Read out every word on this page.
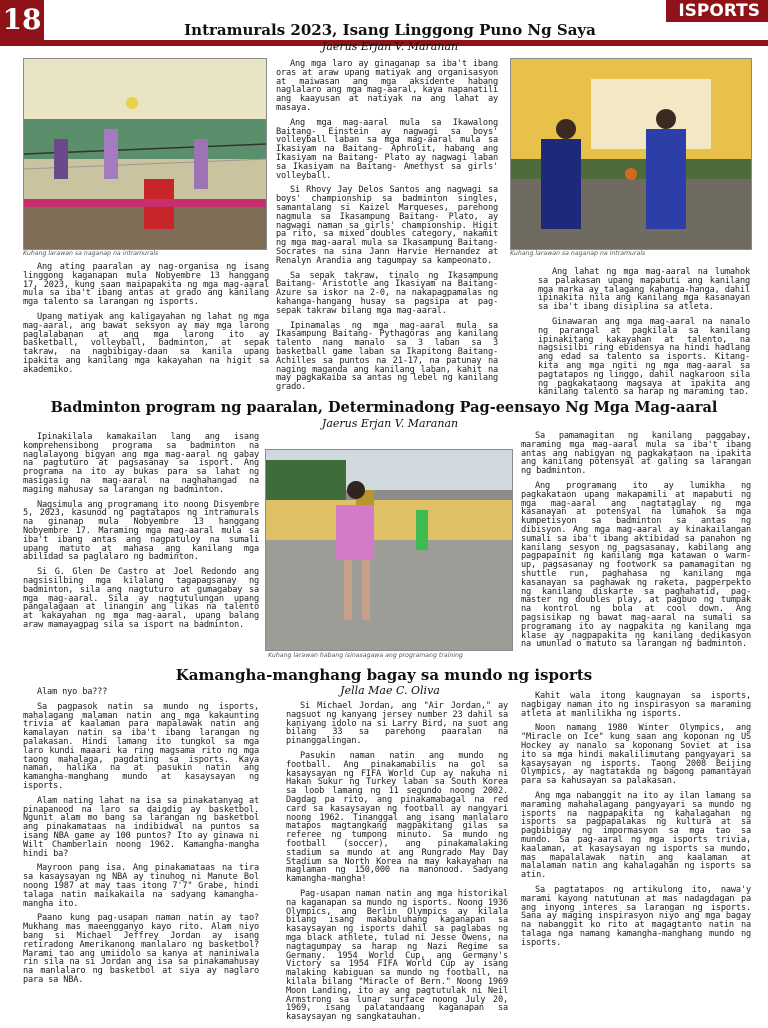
18	ISPORTS
Intramurals 2023, Isang Linggong Puno Ng Saya
Jaerus Erjan V. Maranan
Kuhang larawan sa naganap na intramurals	Kuhang larawan sa naganap na intramurals

Ang ating paaralan ay nag-organisa ng isang linggong kaganapan mula Nobyembre 13 hanggang 17, 2023, kung saan maipapakita ng mga mag-aaral mula sa iba't ibang antas at grado ang kanilang mga talento sa larangan ng isports.

Upang matiyak ang kaligayahan ng lahat ng mga mag-aaral, ang bawat seksyon ay may mga larong paglalabanan at ang mga larong ito ay basketball, volleyball, badminton, at sepak takraw, na nagbibigay-daan sa kanila upang ipakita ang kanilang mga kakayahan na higit sa akademiko.

Ang mga laro ay ginaganap sa iba't ibang oras at araw upang matiyak ang organisasyon at maiwasan ang mga aksidente habang naglalaro ang mga mag-aaral, kaya napanatili ang kaayusan at natiyak na ang lahat ay masaya.

Ang mga mag-aaral mula sa Ikawalong Baitang- Einstein ay nagwagi sa boys' volleyball laban sa mga mag-aaral mula sa Ikasiyam na Baitang- Aphrolit, habang ang Ikasiyam na Baitang- Plato ay nagwagi laban sa Ikasiyam na Baitang- Amethyst sa girls' volleyball.

Si Rhovy Jay Delos Santos ang nagwagi sa boys' championship sa badminton singles, samantalang si Kaizel Marqueses, parehong nagmula sa Ikasampung Baitang- Plato, ay nagwagi naman sa girls' championship. Higit pa rito, sa mixed doubles category, nakamit ng mga mag-aaral mula sa Ikasampung Baitang- Socrates na sina Jann Harvie Hernandez at Renalyn Arandia ang tagumpay sa kampeonato.

Sa sepak takraw, tinalo ng Ikasampung Baitang- Aristotle ang Ikasiyam na Baitang-Azure sa iskor na 2-0, na nakapagpamalas ng kahanga-hangang husay sa pagsipa at pag-sepak takraw bilang mga mag-aaral.

Ipinamalas ng mga mag-aaral mula sa Ikasampung Baitang- Pythagoras ang kanilang talento nang manalo sa 3 laban sa 3 basketball game laban sa Ikapitong Baitang- Achilles sa puntos na 21-17, na patunay na naging maganda ang kanilang laban, kahit na may pagkakaiba sa antas ng lebel ng kanilang grado.

Ang lahat ng mga mag-aaral na lumahok sa palakasan upang mapabuti ang kanilang mga marka ay talagang kahanga-hanga, dahil ipinakita nila ang kanilang mga kasanayan sa iba't ibang disiplina sa atleta.

Ginawaran ang mga mag-aaral na nanalo ng parangal at pagkilala sa kanilang ipinakitang kakayahan at talento, na nagsisilbi ring ebidensya na hindi hadlang ang edad sa talento sa isports. Kitang-kita ang mga ngiti ng mga mag-aaral sa pagtatapos ng linggo, dahil nagkaroon sila ng pagkakataong magsaya at ipakita ang kanilang talento sa harap ng maraming tao.

Badminton program ng paaralan, Determinadong Pag-eensayo Ng Mga Mag-aaral
Jaerus Erjan V. Maranan

Ipinakilala kamakailan lang ang isang komprehensibong programa sa badminton na naglalayong bigyan ang mga mag-aaral ng gabay na pagtuturo at pagsasanay sa isport. Ang programa na ito ay bukas para sa lahat ng masigasig na mag-aaral na naghahangad na maging mahusay sa larangan ng badminton.

Nagsimula ang programang ito noong Disyembre 5, 2023, kasunod ng pagtatapos ng intramurals na ginanap mula Nobyembre 13 hanggang Nobyembre 17. Maraming mga mag-aaral mula sa iba't ibang antas ang nagpatuloy na sumali upang matuto at mahasa ang kanilang mga abilidad sa paglalaro ng badminton.

Si G. Glen De Castro at Joel Redondo ang nagsisilbing mga kilalang tagapagsanay ng badminton, sila ang nagtuturo at gumagabay sa mga mag-aaral. Sila ay nagtutulungan upang pangalagaan at linangin ang likas na talento at kakayahan ng mga mag-aaral, upang balang araw mamayagpag sila sa isport na badminton.

Kuhang larawan habang isinasagawa ang programang training

Sa pamamagitan ng kanilang paggabay, maraming mga mag-aaral mula sa iba't ibang antas ang nabigyan ng pagkakataon na ipakita ang kanilang potensyal at galing sa larangan ng badminton.

Ang programang ito ay lumikha ng pagkakataon upang makapamili at mapabuti ng mga mag-aaral ang nagtataglay ng mga kasanayan at potensyal na lumahok sa mga kumpetisyon sa badminton sa antas ng dibisyon. Ang mga mag-aaral ay kinakailangan sumali sa iba't ibang aktibidad sa panahon ng kanilang sesyon ng pagsasanay, kabilang ang pagpapainit ng kanilang mga katawan o warm-up, pagsasanay ng footwork sa pamamagitan ng shuttle run, paghahasa ng kanilang mga kasanayan sa paghawak ng raketa, pagperpekto ng kanilang diskarte sa paghahatid, pag-master ng doubles play, at pagbuo ng tumpak na kontrol ng bola at cool down. Ang pagsisikap ng bawat mag-aaral na sumali sa programang ito ay nagpakita ng kanilang mga klase ay nagpapakita ng kanilang dedikasyon na umunlad o matuto sa larangan ng badminton.

Kamangha-manghang bagay sa mundo ng isports
Jella Mae C. Oliva

Alam nyo ba???

Sa pagpasok natin sa mundo ng isports, mahalagang malaman natin ang mga kakaunting trivia at kaalaman para mapalawak natin ang kamalayan natin sa iba't ibang larangan ng palakasan. Hindi lamang ito tungkol sa mga laro kundi maaari ka ring magsama rito ng mga taong mahalaga, pagdating sa isports. Kaya naman, halika na at pasukin natin ang kamangha-manghang mundo at kasaysayan ng isports.

Alam nating lahat na isa sa pinakatanyag at pinapanood na laro sa daigdig ay basketbol. Ngunit alam mo bang sa larangan ng basketbol ang pinakamataas na indibidwal na puntos sa isang NBA game ay 100 puntos? Ito ay ginawa ni Wilt Chamberlain noong 1962. Kamangha-mangha hindi ba?

Mayroon pang isa. Ang pinakamataas na tira sa kasaysayan ng NBA ay tinuhog ni Manute Bol noong 1987 at may taas itong 7'7" Grabe, hindi talaga natin maikakaila na sadyang kamangha-mangha ito.

Paano kung pag-usapan naman natin ay tao? Mukhang mas maeengganyo kayo rito. Alam niyo bang si Michael Jeffrey Jordan ay isang retiradong Amerikanong manlalaro ng basketbol? Marami tao ang umiidolo sa kanya at naniniwala rin sila na si Jordan ang isa sa pinakamahusay na manlalaro ng basketbol at siya ay naglaro para sa NBA.

Si Michael Jordan, ang "Air Jordan," ay nagsuot ng kanyang jersey number 23 dahil sa kaniyang idolo na si Larry Bird, na suot ang bilang 33 sa parehong paaralan na pinanggalingan.

Pasukin naman natin ang mundo ng football. Ang pinakamabilis na gol sa kasaysayan ng FIFA World Cup ay nakuha ni Hakan Sukur ng Turkey laban sa South Korea sa loob lamang ng 11 segundo noong 2002. Dagdag pa rito, ang pinakamabagal na red card sa kasaysayan ng football ay nangyari noong 1962. Tinanggal ang isang manlalaro matapos magtangkang magpakitang gilas sa referee ng tumpong minuto. Sa mundo ng football (soccer), ang pinakamalaking stadium sa mundo at ang Rungrado May Day Stadium sa North Korea na may kakayahan na maglaman ng 150,000 na manonood. Sadyang kamangha-mangha!

Pag-usapan naman natin ang mga historikal na kaganapan sa mundo ng isports. Noong 1936 Olympics, ang Berlin Olympics ay kilala bilang isang makabuluhang kaganapan sa kasaysayan ng isports dahil sa paglabas ng mga black athlete, tulad ni Jesse Owens, na nagtagumpay sa harap ng Nazi Regime sa Germany. 1954 World Cup, ang Germany's Victory sa 1954 FIFA World Cup ay isang malaking kabiguan sa mundo ng football, na kilala bilang "Miracle of Bern." Noong 1969 Moon Landing, ito ay ang pagtutulak ni Neil Armstrong sa lunar surface noong July 20, 1969, isang palatandaang kaganapan sa kasaysayan ng sangkatauhan.

Kahit wala itong kaugnayan sa isports, nagbigay naman ito ng inspirasyon sa maraming atleta at manlilikha ng isports.

Noon namang 1980 Winter Olympics, ang "Miracle on Ice" kung saan ang koponan ng US Hockey ay nanalo sa koponang Soviet at isa ito sa mga hindi makalilimutang pangyayari sa kasaysayan ng isports. Taong 2008 Beijing Olympics, ay nagtatakda ng bagong pamantayan para sa kahusayan sa palakasan.

Ang mga nabanggit na ito ay ilan lamang sa maraming mahahalagang pangyayari sa mundo ng isports na nagpapakita ng kahalagahan ng isports sa pagpapalakas ng kultura at sa pagbibigay ng impormasyon sa mga tao sa mundo. Sa pag-aaral ng mga isports trivia, kaalaman, at kasaysayan ng isports sa mundo, mas mapalalawak natin ang kaalaman at malalaman natin ang kahalagahan ng isports sa atin.

Sa pagtatapos ng artikulong ito, nawa'y marami kayong natutunan at mas nadagdagan pa ang inyong interes sa larangan ng isports. Sana ay maging inspirasyon niyo ang mga bagay na nabanggit ko rito at magagtanto natin na talaga nga namang kamangha-manghang mundo ng isports.
